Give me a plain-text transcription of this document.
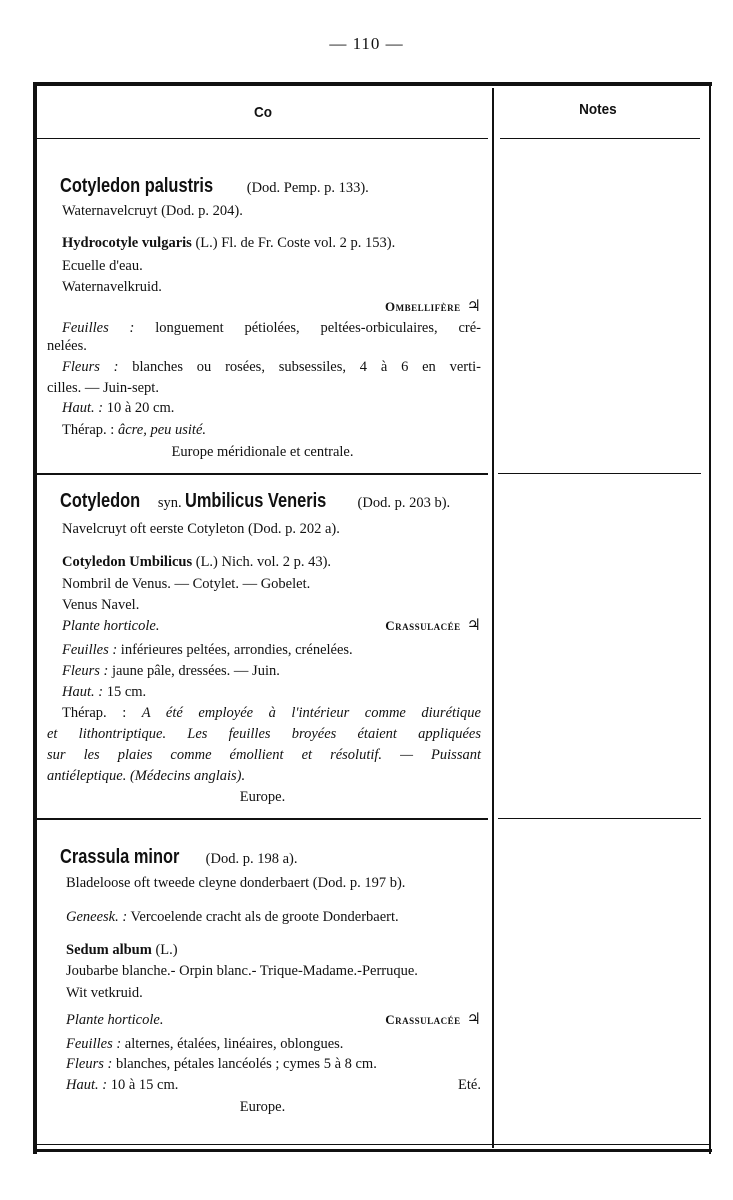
— 110 —
Co	Notes
Cotyledon palustris (Dod. Pemp. p. 133).
Waternavelcruyt (Dod. p. 204).
Hydrocotyle vulgaris (L.) Fl. de Fr. Coste vol. 2 p. 153).
Ecuelle d'eau.
Waternavelkruid.
Ombellifère ♃
Feuilles : longuement pétiolées, peltées-orbiculaires, cré-
nelées.
Fleurs : blanches ou rosées, subsessiles, 4 à 6 en verti-
cilles. — Juin-sept.
Haut. : 10 à 20 cm.
Thérap. : âcre, peu usité.
Europe méridionale et centrale.
Cotyledon syn. Umbilicus Veneris (Dod. p. 203 b).
Navelcruyt oft eerste Cotyleton (Dod. p. 202 a).
Cotyledon Umbilicus (L.) Nich. vol. 2 p. 43).
Nombril de Venus. — Cotylet. — Gobelet.
Venus Navel.
Plante horticole.	Crassulacée ♃
Feuilles : inférieures peltées, arrondies, crénelées.
Fleurs : jaune pâle, dressées. — Juin.
Haut. : 15 cm.
Thérap. : A été employée à l'intérieur comme diurétique
et lithontriptique. Les feuilles broyées étaient appliquées
sur les plaies comme émollient et résolutif. — Puissant
antiéleptique. (Médecins anglais).
Europe.
Crassula minor (Dod. p. 198 a).
Bladeloose oft tweede cleyne donderbaert (Dod. p. 197 b).
Geneesk. : Vercoelende cracht als de groote Donderbaert.
Sedum album (L.)
Joubarbe blanche.- Orpin blanc.- Trique-Madame.-Perruque.
Wit vetkruid.
Plante horticole.	Crassulacée ♃
Feuilles : alternes, étalées, linéaires, oblongues.
Fleurs : blanches, pétales lancéolés ; cymes 5 à 8 cm.
Haut. : 10 à 15 cm.	Eté.
Europe.
